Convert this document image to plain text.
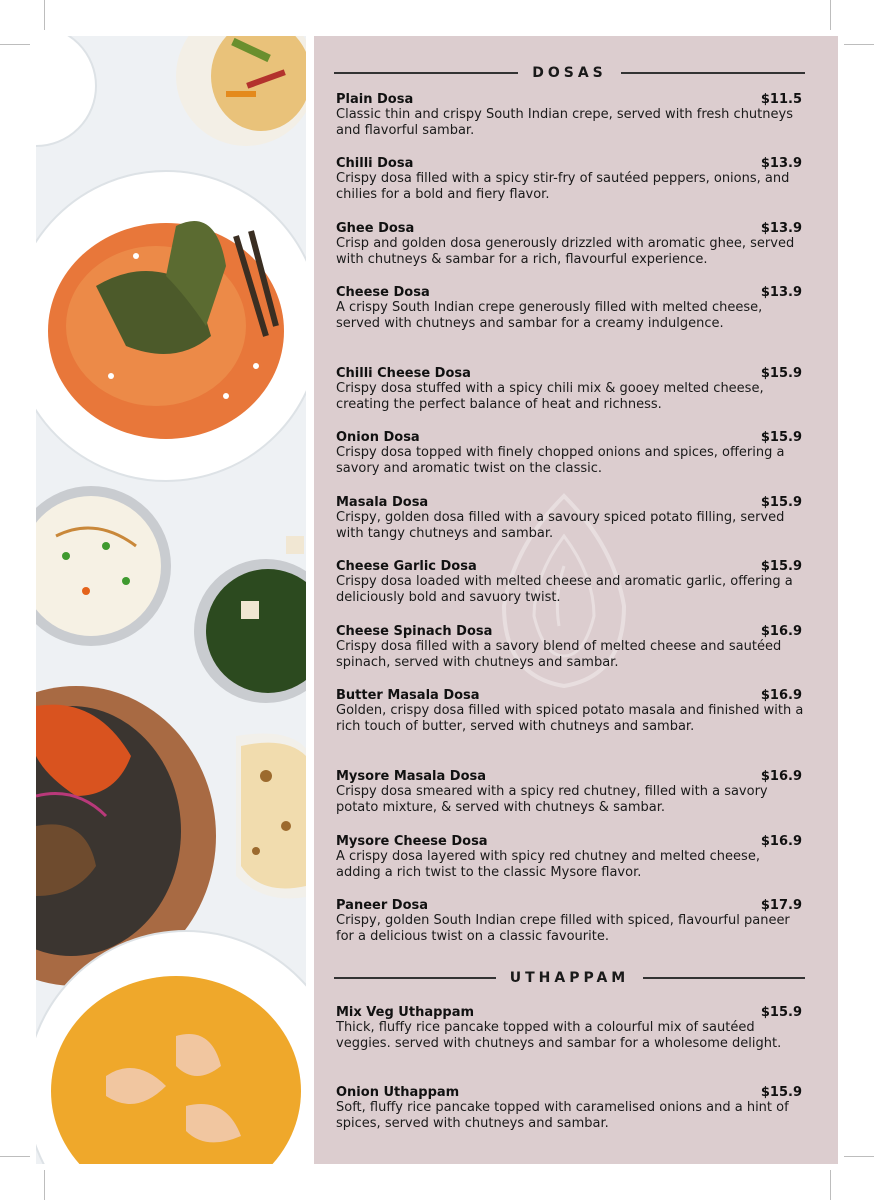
DOSAS
Plain Dosa	$11.5
Classic thin and crispy South Indian crepe, served with fresh chutneys and flavorful sambar.
Chilli Dosa	$13.9
Crispy dosa filled with a spicy stir-fry of sautéed peppers, onions, and chilies for a bold and fiery flavor.
Ghee Dosa	$13.9
Crisp and golden dosa generously drizzled with aromatic ghee, served with chutneys & sambar for a rich, flavourful experience.
Cheese Dosa	$13.9
A crispy South Indian crepe generously filled with melted cheese, served with chutneys and sambar for a creamy indulgence.
Chilli Cheese Dosa	$15.9
Crispy dosa stuffed with a spicy chili mix & gooey melted cheese, creating the perfect balance of heat and richness.
Onion Dosa	$15.9
Crispy dosa topped with finely chopped onions and spices, offering a savory and aromatic twist on the classic.
Masala Dosa	$15.9
Crispy, golden dosa filled with a savoury spiced potato filling, served with tangy chutneys and sambar.
Cheese Garlic Dosa	$15.9
Crispy dosa loaded with melted cheese and aromatic garlic, offering a deliciously bold and savuory twist.
Cheese Spinach Dosa	$16.9
Crispy dosa filled with a savory blend of melted cheese and sautéed spinach, served with chutneys and sambar.
Butter Masala Dosa	$16.9
Golden, crispy dosa filled with spiced potato masala and finished with a rich touch of butter, served with chutneys and sambar.
Mysore Masala Dosa	$16.9
Crispy dosa smeared with a spicy red chutney, filled with a savory potato mixture, & served with chutneys & sambar.
Mysore Cheese Dosa	$16.9
A crispy dosa layered with spicy red chutney and melted cheese, adding a rich twist to the classic Mysore flavor.
Paneer Dosa	$17.9
Crispy, golden South Indian crepe filled with spiced, flavourful paneer for a delicious twist on a classic favourite.
UTHAPPAM
Mix Veg Uthappam	$15.9
Thick, fluffy rice pancake topped with a colourful mix of sautéed veggies. served with chutneys and sambar for a wholesome delight.
Onion Uthappam	$15.9
Soft, fluffy rice pancake topped with caramelised onions and a hint of spices, served with chutneys and sambar.
